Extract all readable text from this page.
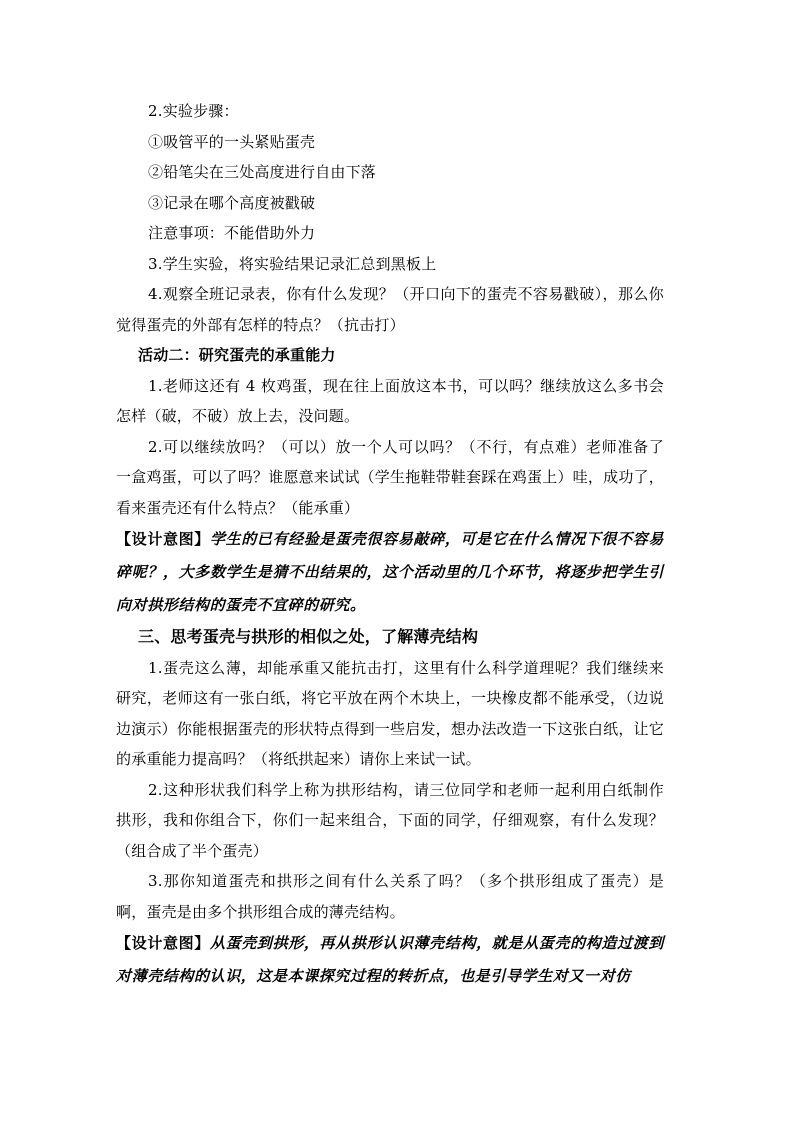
2.实验步骤：

①吸管平的一头紧贴蛋壳

②铅笔尖在三处高度进行自由下落

③记录在哪个高度被戳破

注意事项：不能借助外力

3.学生实验，将实验结果记录汇总到黑板上

4.观察全班记录表，你有什么发现？（开口向下的蛋壳不容易戳破），那么你觉得蛋壳的外部有怎样的特点？（抗击打）

活动二：研究蛋壳的承重能力

1.老师这还有 4 枚鸡蛋，现在往上面放这本书，可以吗？继续放这么多书会怎样（破，不破）放上去，没问题。

2.可以继续放吗？（可以）放一个人可以吗？（不行，有点难）老师准备了一盒鸡蛋，可以了吗？谁愿意来试试（学生拖鞋带鞋套踩在鸡蛋上）哇，成功了，看来蛋壳还有什么特点？（能承重）

【设计意图】学生的已有经验是蛋壳很容易敲碎，可是它在什么情况下很不容易碎呢？，大多数学生是猜不出结果的，这个活动里的几个环节，将逐步把学生引向对拱形结构的蛋壳不宜碎的研究。

三、思考蛋壳与拱形的相似之处，了解薄壳结构

1.蛋壳这么薄，却能承重又能抗击打，这里有什么科学道理呢？我们继续来研究，老师这有一张白纸，将它平放在两个木块上，一块橡皮都不能承受，（边说边演示）你能根据蛋壳的形状特点得到一些启发，想办法改造一下这张白纸，让它的承重能力提高吗？（将纸拱起来）请你上来试一试。

2.这种形状我们科学上称为拱形结构，请三位同学和老师一起利用白纸制作拱形，我和你组合下，你们一起来组合，下面的同学，仔细观察，有什么发现？（组合成了半个蛋壳）

3.那你知道蛋壳和拱形之间有什么关系了吗？（多个拱形组成了蛋壳）是啊，蛋壳是由多个拱形组合成的薄壳结构。

【设计意图】从蛋壳到拱形，再从拱形认识薄壳结构，就是从蛋壳的构造过渡到对薄壳结构的认识，这是本课探究过程的转折点，也是引导学生对又一对仿
